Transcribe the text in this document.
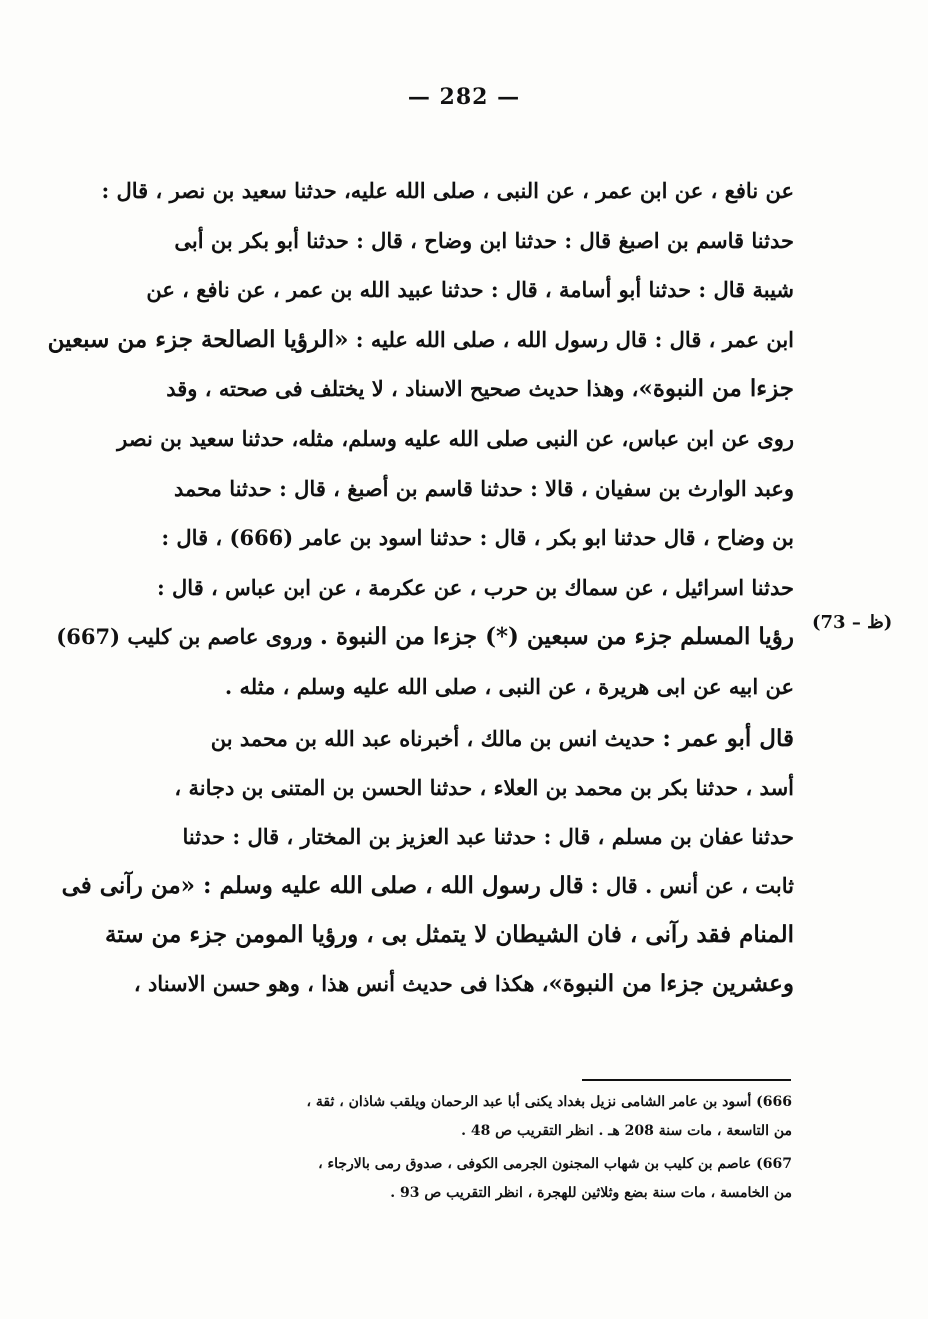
— 282 —
عن نافع ، عن ابن عمر ، عن النبى ، صلى الله عليه، حدثنا سعيد بن نصر ، قال :
حدثنا قاسم بن اصبغ قال : حدثنا ابن وضاح ، قال : حدثنا أبو بكر بن أبى
شيبة قال : حدثنا أبو أسامة ، قال : حدثنا عبيد الله بن عمر ، عن نافع ، عن
ابن عمر ، قال : قال رسول الله ، صلى الله عليه : «الرؤيا الصالحة جزء من سبعين
جزءا من النبوة»، وهذا حديث صحيح الاسناد ، لا يختلف فى صحته ، وقد
روى عن ابن عباس، عن النبى صلى الله عليه وسلم، مثله، حدثنا سعيد بن نصر
وعبد الوارث بن سفيان ، قالا : حدثنا قاسم بن أصبغ ، قال : حدثنا محمد
بن وضاح ، قال حدثنا ابو بكر ، قال : حدثنا اسود بن عامر (666) ، قال :
حدثنا اسرائيل ، عن سماك بن حرب ، عن عكرمة ، عن ابن عباس ، قال :
رؤيا المسلم جزء من سبعين (*) جزءا من النبوة . وروى عاصم بن كليب (667)
عن ابيه عن ابى هريرة ، عن النبى ، صلى الله عليه وسلم ، مثله .
(73 – ظ)
قال أبو عمر : حديث انس بن مالك ، أخبرناه عبد الله بن محمد بن
أسد ، حدثنا بكر بن محمد بن العلاء ، حدثنا الحسن بن المتنى بن دجانة ،
حدثنا عفان بن مسلم ، قال : حدثنا عبد العزيز بن المختار ، قال : حدثنا
ثابت ، عن أنس . قال : قال رسول الله ، صلى الله عليه وسلم : «من رآنى فى
المنام فقد رآنى ، فان الشيطان لا يتمثل بى ، ورؤيا المومن جزء من ستة
وعشرين جزءا من النبوة»، هكذا فى حديث أنس هذا ، وهو حسن الاسناد ،
666) أسود بن عامر الشامى نزيل بغداد يكنى أبا عبد الرحمان ويلقب شاذان ، ثقة ،
من التاسعة ، مات سنة 208 هـ . انظر التقريب ص 48 .
667) عاصم بن كليب بن شهاب المجنون الجرمى الكوفى ، صدوق رمى بالارجاء ،
من الخامسة ، مات سنة بضع وثلاثين للهجرة ، انظر التقريب ص 93 .
